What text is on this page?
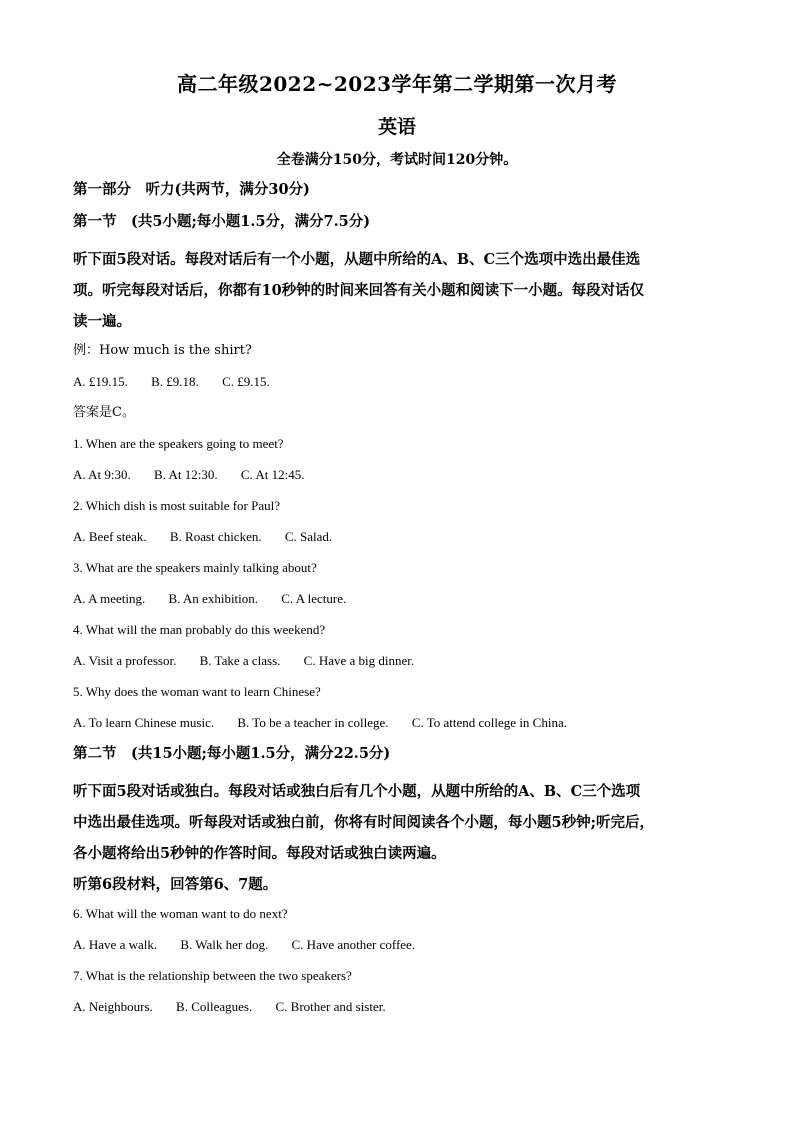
高二年级2022~2023学年第二学期第一次月考
英语
全卷满分150分，考试时间120分钟。
第一部分　听力(共两节，满分30分)
第一节　(共5小题;每小题1.5分，满分7.5分)
听下面5段对话。每段对话后有一个小题，从题中所给的A、B、C三个选项中选出最佳选
项。听完每段对话后，你都有10秒钟的时间来回答有关小题和阅读下一小题。每段对话仅
读一遍。
例：How much is the shirt?
A. £19.15. B. £9.18. C. £9.15.
答案是C。
1. When are the speakers going to meet?
A. At 9:30. B. At 12:30. C. At 12:45.
2. Which dish is most suitable for Paul?
A. Beef steak. B. Roast chicken. C. Salad.
3. What are the speakers mainly talking about?
A. A meeting. B. An exhibition. C. A lecture.
4. What will the man probably do this weekend?
A. Visit a professor. B. Take a class. C. Have a big dinner.
5. Why does the woman want to learn Chinese?
A. To learn Chinese music. B. To be a teacher in college. C. To attend college in China.
第二节　(共15小题;每小题1.5分，满分22.5分)
听下面5段对话或独白。每段对话或独白后有几个小题，从题中所给的A、B、C三个选项
中选出最佳选项。听每段对话或独白前，你将有时间阅读各个小题，每小题5秒钟;听完后，
各小题将给出5秒钟的作答时间。每段对话或独白读两遍。
听第6段材料，回答第6、7题。
6. What will the woman want to do next?
A. Have a walk. B. Walk her dog. C. Have another coffee.
7. What is the relationship between the two speakers?
A. Neighbours. B. Colleagues. C. Brother and sister.
